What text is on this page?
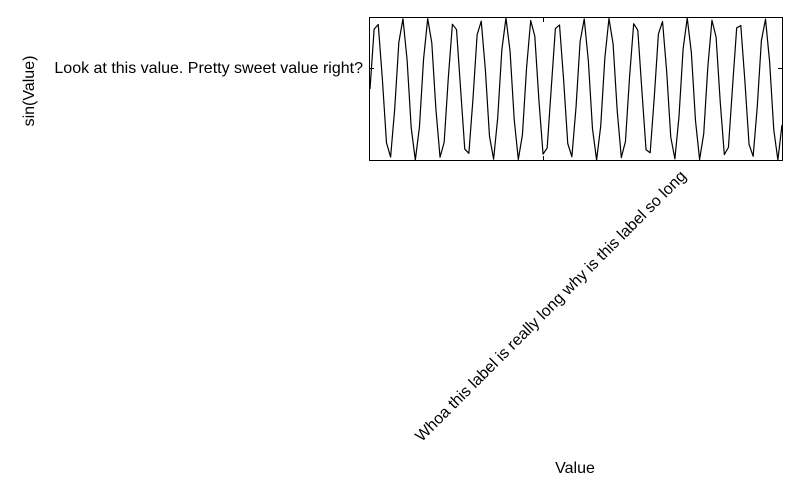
Whoa this label is really long why is this label so long
Look at this value. Pretty sweet value right?
Value
sin(Value)
